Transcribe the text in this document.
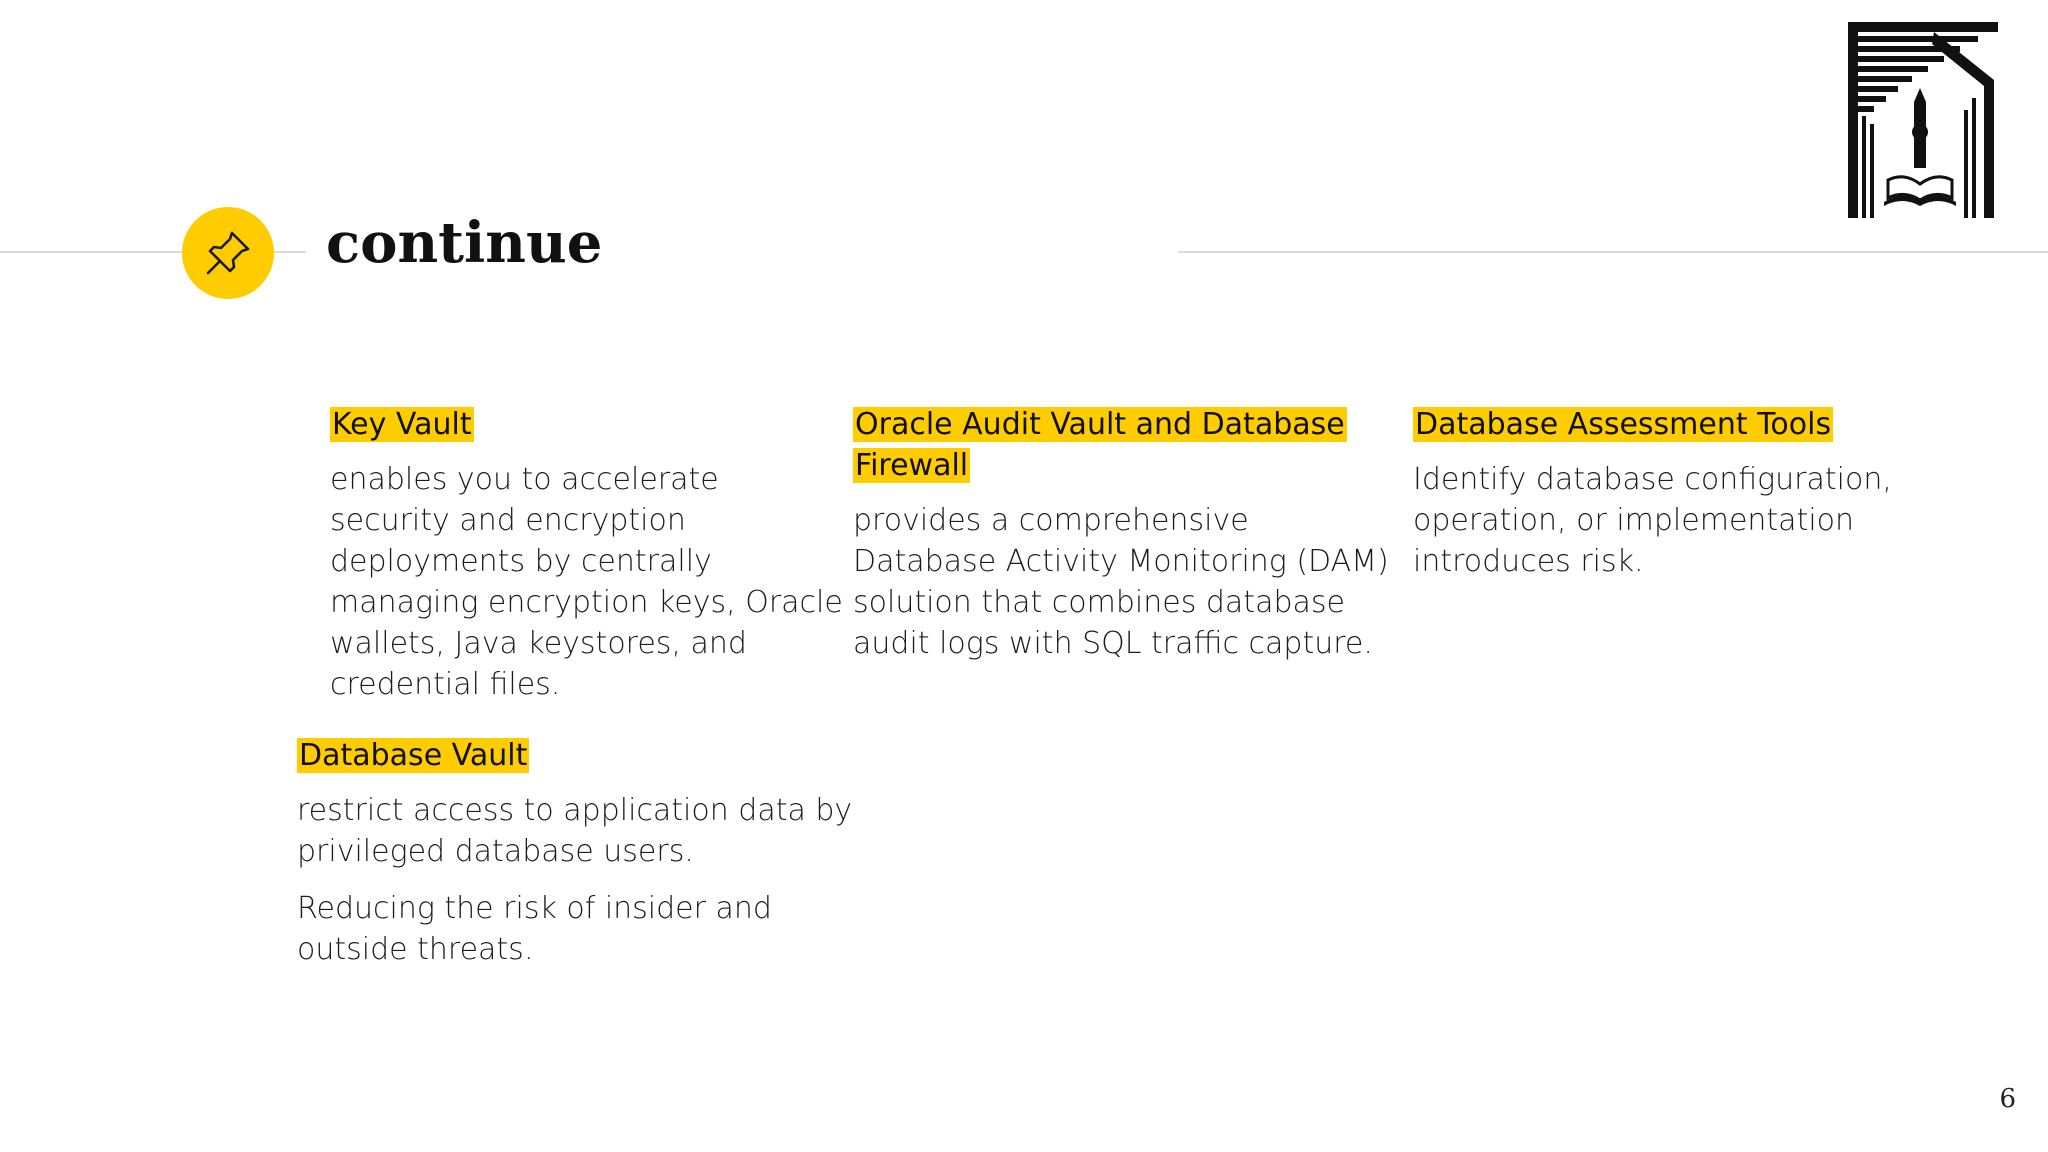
continue
Key Vault

enables you to accelerate security and encryption deployments by centrally managing encryption keys, Oracle wallets, Java keystores, and credential files.

Oracle Audit Vault and Database Firewall

provides a comprehensive Database Activity Monitoring (DAM) solution that combines database audit logs with SQL traffic capture.

Database Assessment Tools

Identify database configuration, operation, or implementation introduces risk.

Database Vault

restrict access to application data by privileged database users.

Reducing the risk of insider and outside threats.

6
